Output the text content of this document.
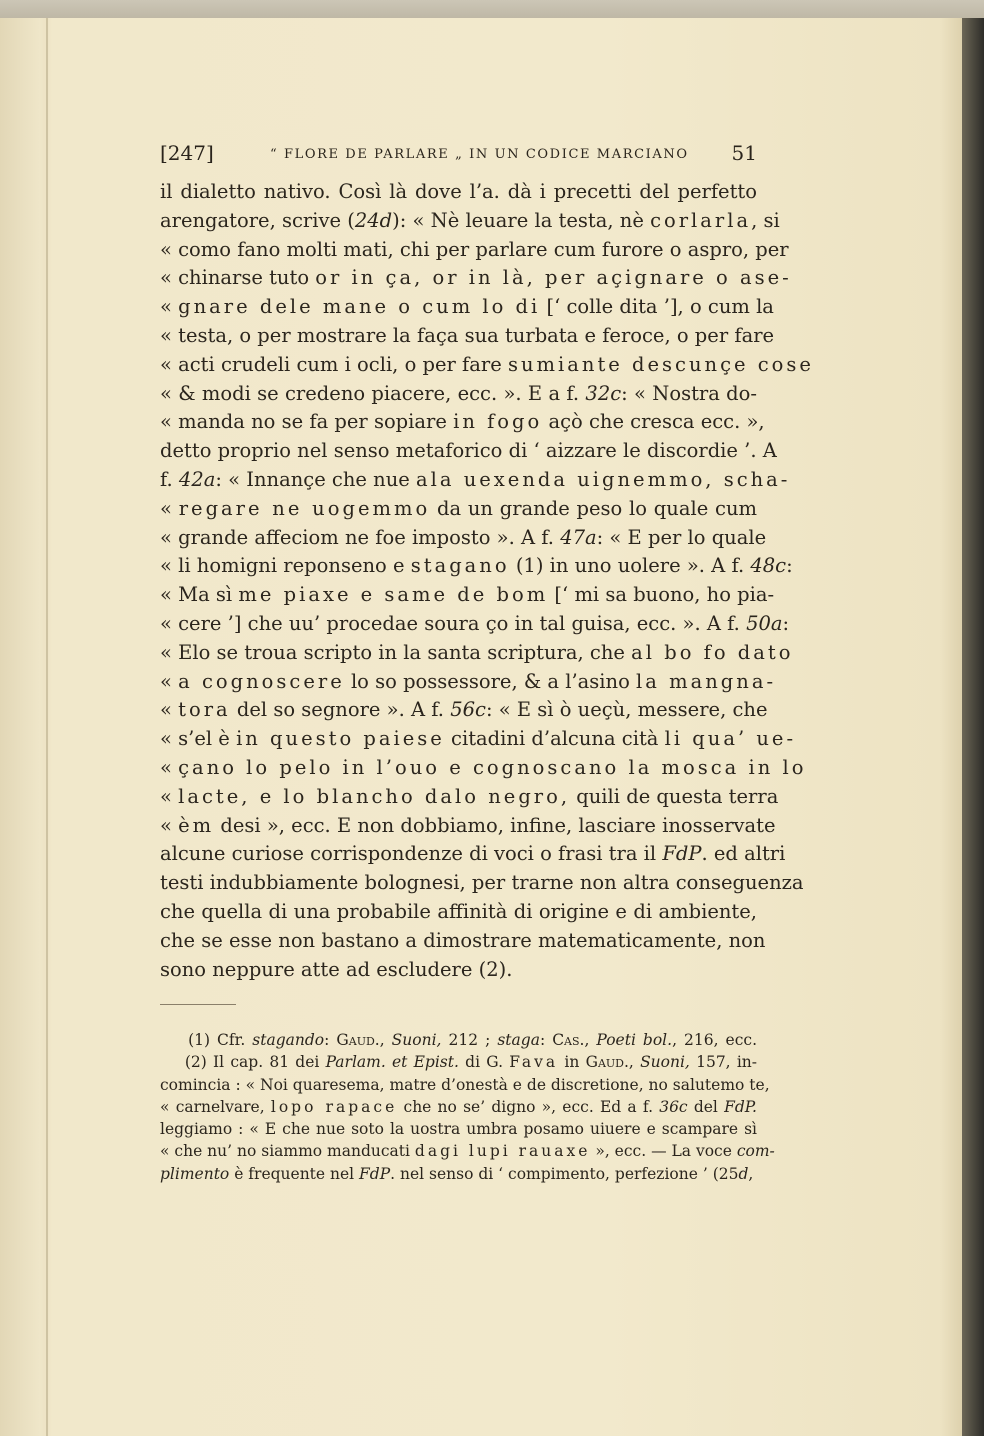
[247]	“ FLORE DE PARLARE „ IN UN CODICE MARCIANO 51
il dialetto nativo. Così là dove l’a. dà i precetti del perfetto
arengatore, scrive (24d): « Nè leuare la testa, nè corlarla, si
« como fano molti mati, chi per parlare cum furore o aspro, per
« chinarse tuto or in ça, or in là, per açignare o ase-
« gnare dele mane o cum lo di [‘ colle dita ’], o cum la
« testa, o per mostrare la faça sua turbata e feroce, o per fare
« acti crudeli cum i ocli, o per fare sumiante descunçe cose
« & modi se credeno piacere, ecc. ». E a f. 32c: « Nostra do-
« manda no se fa per sopiare in fogo açò che cresca ecc. »,
detto proprio nel senso metaforico di ‘ aizzare le discordie ’. A
f. 42a: « Innançe che nue ala uexenda uignemmo, scha-
« regare ne uogemmo da un grande peso lo quale cum
« grande affeciom ne foe imposto ». A f. 47a: « E per lo quale
« li homigni reponseno e stagano (1) in uno uolere ». A f. 48c:
« Ma sì me piaxe e same de bom [‘ mi sa buono, ho pia-
« cere ’] che uu’ procedae soura ço in tal guisa, ecc. ». A f. 50a:
« Elo se troua scripto in la santa scriptura, che al bo fo dato
« a cognoscere lo so possessore, & a l’asino la mangna-
« tora del so segnore ». A f. 56c: « E sì ò ueçù, messere, che
« s’el è in questo paiese citadini d’alcuna cità li qua’ ue-
« çano lo pelo in l’ouo e cognoscano la mosca in lo
« lacte, e lo blancho dalo negro, quili de questa terra
« èm desi », ecc. E non dobbiamo, infine, lasciare inosservate
alcune curiose corrispondenze di voci o frasi tra il FdP. ed altri
testi indubbiamente bolognesi, per trarne non altra conseguenza
che quella di una probabile affinità di origine e di ambiente,
che se esse non bastano a dimostrare matematicamente, non
sono neppure atte ad escludere (2).
(1) Cfr. stagando: Gaud., Suoni, 212 ; staga: Cas., Poeti bol., 216, ecc.
(2) Il cap. 81 dei Parlam. et Epist. di G. Fava in Gaud., Suoni, 157, in-
comincia : « Noi quaresema, matre d’onestà e de discretione, no salutemo te,
« carnelvare, lopo rapace che no se’ digno », ecc. Ed a f. 36c del FdP.
leggiamo : « E che nue soto la uostra umbra posamo uiuere e scampare sì
« che nu’ no siammo manducati dagi lupi rauaxe », ecc. — La voce com-
plimento è frequente nel FdP. nel senso di ‘ compimento, perfezione ’ (25d,
